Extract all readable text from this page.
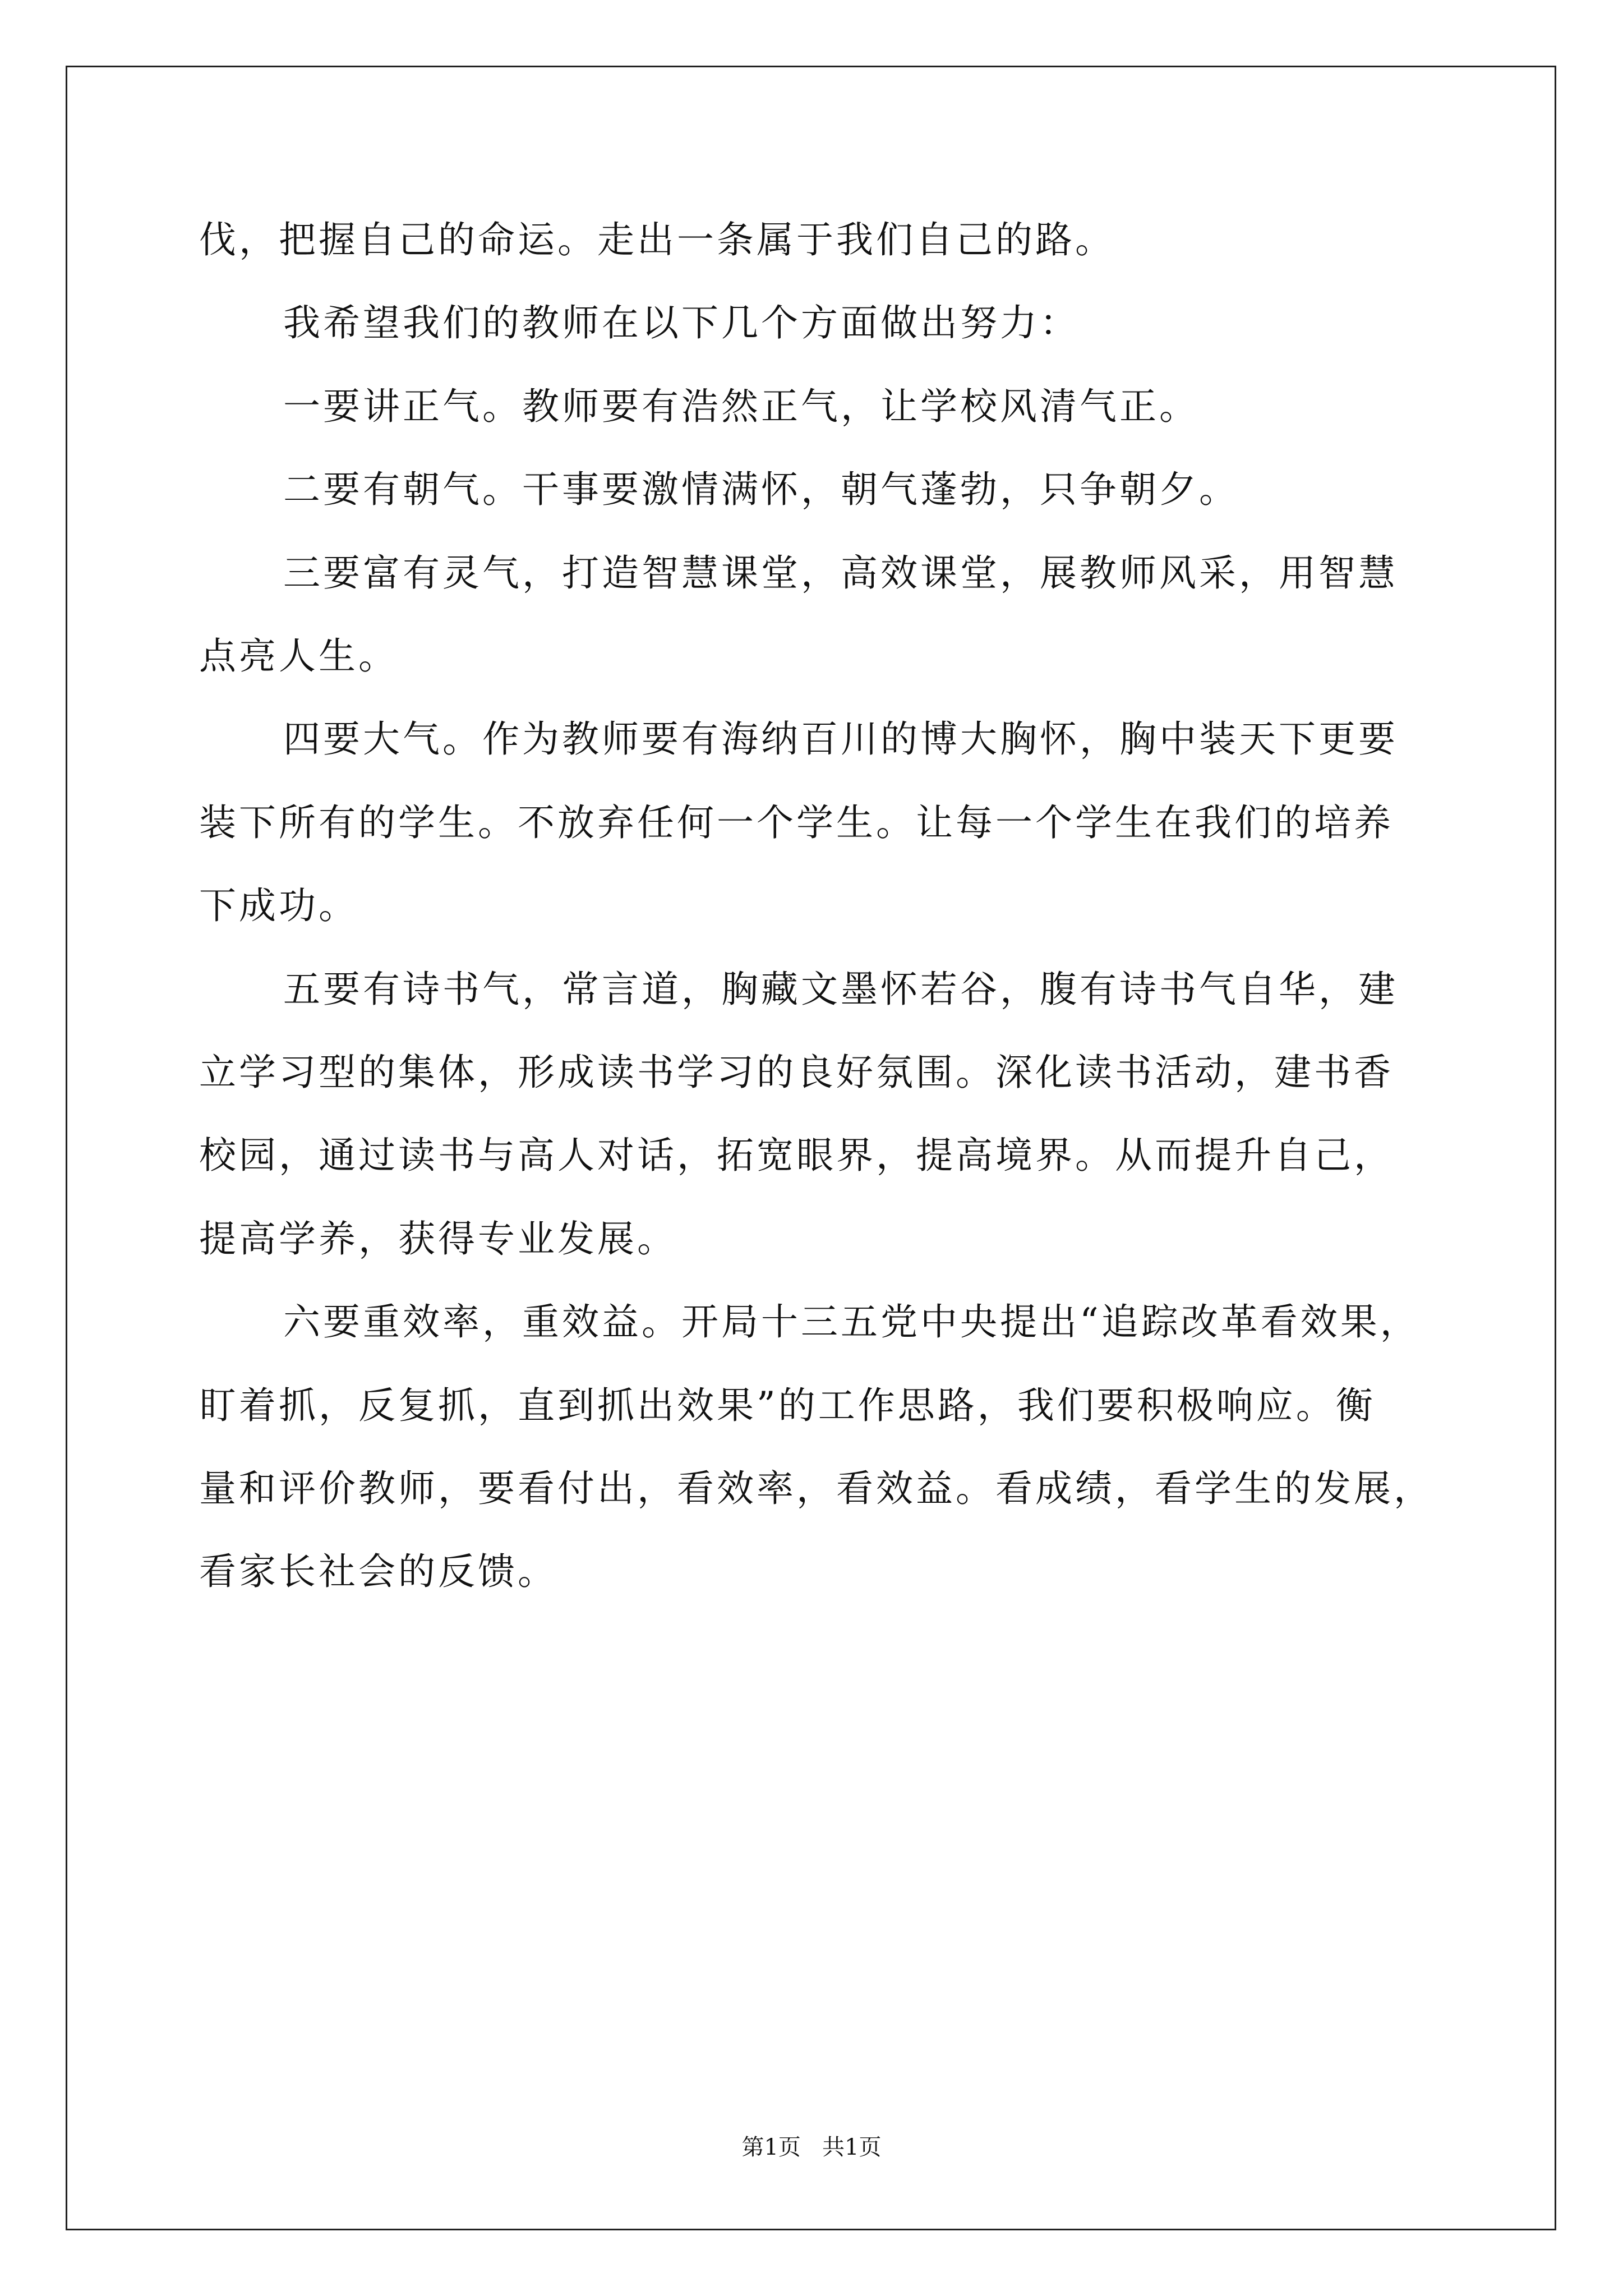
伐，把握自己的命运。走出一条属于我们自己的路。
我希望我们的教师在以下几个方面做出努力：
一要讲正气。教师要有浩然正气，让学校风清气正。
二要有朝气。干事要激情满怀，朝气蓬勃，只争朝夕。
三要富有灵气，打造智慧课堂，高效课堂，展教师风采，用智慧
点亮人生。
四要大气。作为教师要有海纳百川的博大胸怀，胸中装天下更要
装下所有的学生。不放弃任何一个学生。让每一个学生在我们的培养
下成功。
五要有诗书气，常言道，胸藏文墨怀若谷，腹有诗书气自华，建
立学习型的集体，形成读书学习的良好氛围。深化读书活动，建书香
校园，通过读书与高人对话，拓宽眼界，提高境界。从而提升自己，
提高学养，获得专业发展。
六要重效率，重效益。开局十三五党中央提出“追踪改革看效果，
盯着抓，反复抓，直到抓出效果”的工作思路，我们要积极响应。衡
量和评价教师，要看付出，看效率，看效益。看成绩，看学生的发展，
看家长社会的反馈。
第1页   共1页
